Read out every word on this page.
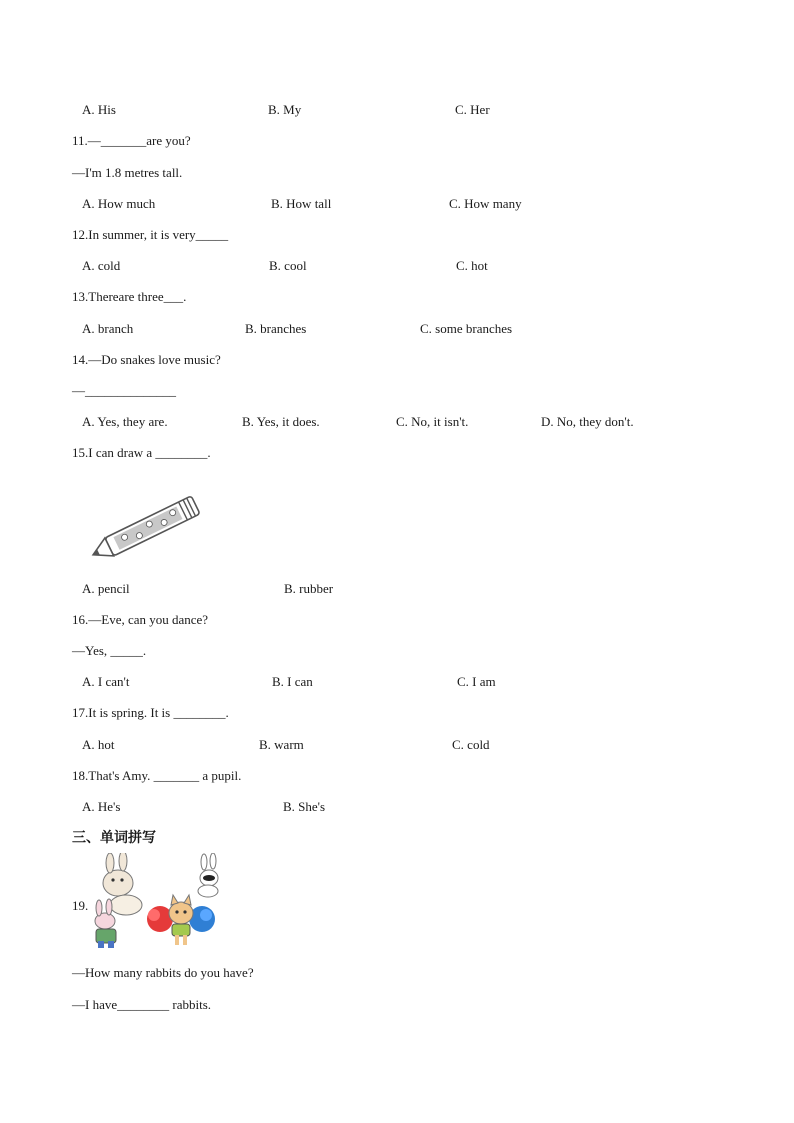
A. His	B. My	C. Her
11.—_______are you?
—I'm 1.8 metres tall.
A. How much	B. How tall	C. How many
12.In summer, it is very_____
A. cold	B. cool	C. hot
13.Thereare three___.
A. branch	B. branches	C. some branches
14.—Do snakes love music?
—______________
A. Yes, they are.	B. Yes, it does.	C. No, it isn't.	D. No, they don't.
15.I can draw a ________.
A. pencil	B. rubber
16.—Eve, can you dance?
—Yes, _____.
A. I can't	B. I can	C. I am
17.It is spring. It is ________.
A. hot	B. warm	C. cold
18.That's Amy. _______ a pupil.
A. He's	B. She's
三、单词拼写
19.
—How many rabbits do you have?
—I have________ rabbits.
